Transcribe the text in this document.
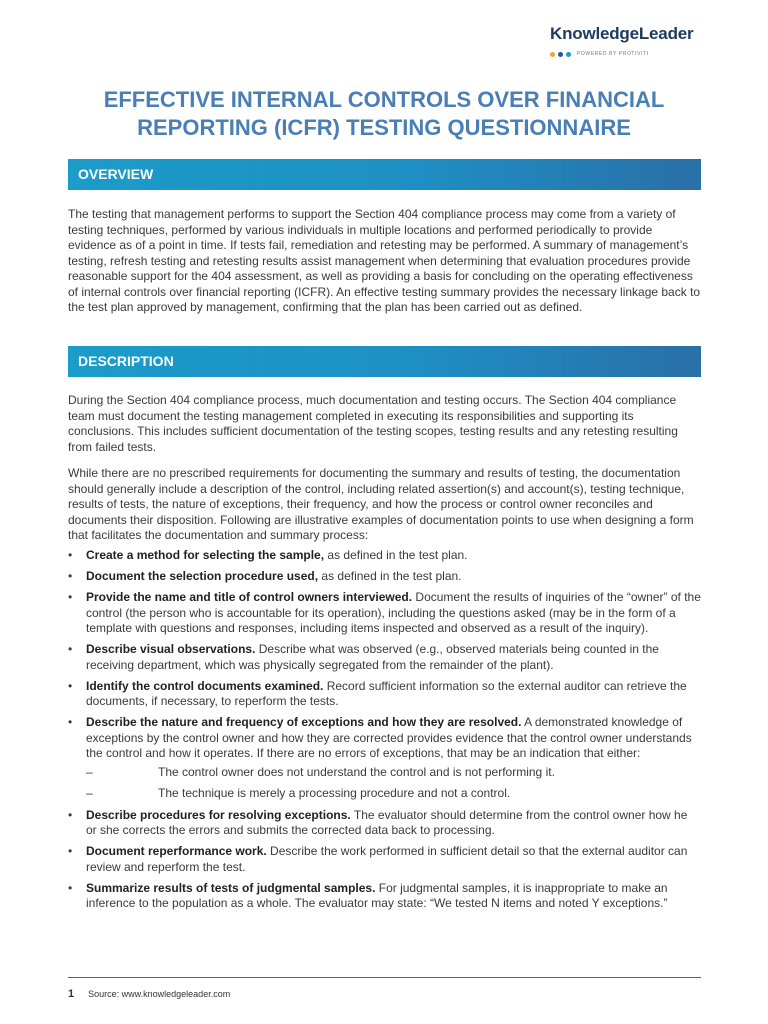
KnowledgeLeader
POWERED BY PROTIVITI
EFFECTIVE INTERNAL CONTROLS OVER FINANCIAL
REPORTING (ICFR) TESTING QUESTIONNAIRE
OVERVIEW

The testing that management performs to support the Section 404 compliance process may come from a variety of testing techniques, performed by various individuals in multiple locations and performed periodically to provide evidence as of a point in time. If tests fail, remediation and retesting may be performed. A summary of management’s testing, refresh testing and retesting results assist management when determining that evaluation procedures provide reasonable support for the 404 assessment, as well as providing a basis for concluding on the operating effectiveness of internal controls over financial reporting (ICFR). An effective testing summary provides the necessary linkage back to the test plan approved by management, confirming that the plan has been carried out as defined.

DESCRIPTION

During the Section 404 compliance process, much documentation and testing occurs. The Section 404 compliance team must document the testing management completed in executing its responsibilities and supporting its conclusions. This includes sufficient documentation of the testing scopes, testing results and any retesting resulting from failed tests.

While there are no prescribed requirements for documenting the summary and results of testing, the documentation should generally include a description of the control, including related assertion(s) and account(s), testing technique, results of tests, the nature of exceptions, their frequency, and how the process or control owner reconciles and documents their disposition. Following are illustrative examples of documentation points to use when designing a form that facilitates the documentation and summary process:

• Create a method for selecting the sample, as defined in the test plan.
• Document the selection procedure used, as defined in the test plan.
• Provide the name and title of control owners interviewed. Document the results of inquiries of the “owner” of the control (the person who is accountable for its operation), including the questions asked (may be in the form of a template with questions and responses, including items inspected and observed as a result of the inquiry).
• Describe visual observations. Describe what was observed (e.g., observed materials being counted in the receiving department, which was physically segregated from the remainder of the plant).
• Identify the control documents examined. Record sufficient information so the external auditor can retrieve the documents, if necessary, to reperform the tests.
• Describe the nature and frequency of exceptions and how they are resolved. A demonstrated knowledge of exceptions by the control owner and how they are corrected provides evidence that the control owner understands the control and how it operates. If there are no errors of exceptions, that may be an indication that either:
–	The control owner does not understand the control and is not performing it.
–	The technique is merely a processing procedure and not a control.
• Describe procedures for resolving exceptions. The evaluator should determine from the control owner how he or she corrects the errors and submits the corrected data back to processing.
• Document reperformance work. Describe the work performed in sufficient detail so that the external auditor can review and reperform the test.
• Summarize results of tests of judgmental samples. For judgmental samples, it is inappropriate to make an inference to the population as a whole. The evaluator may state: “We tested N items and noted Y exceptions.”
1 Source: www.knowledgeleader.com
